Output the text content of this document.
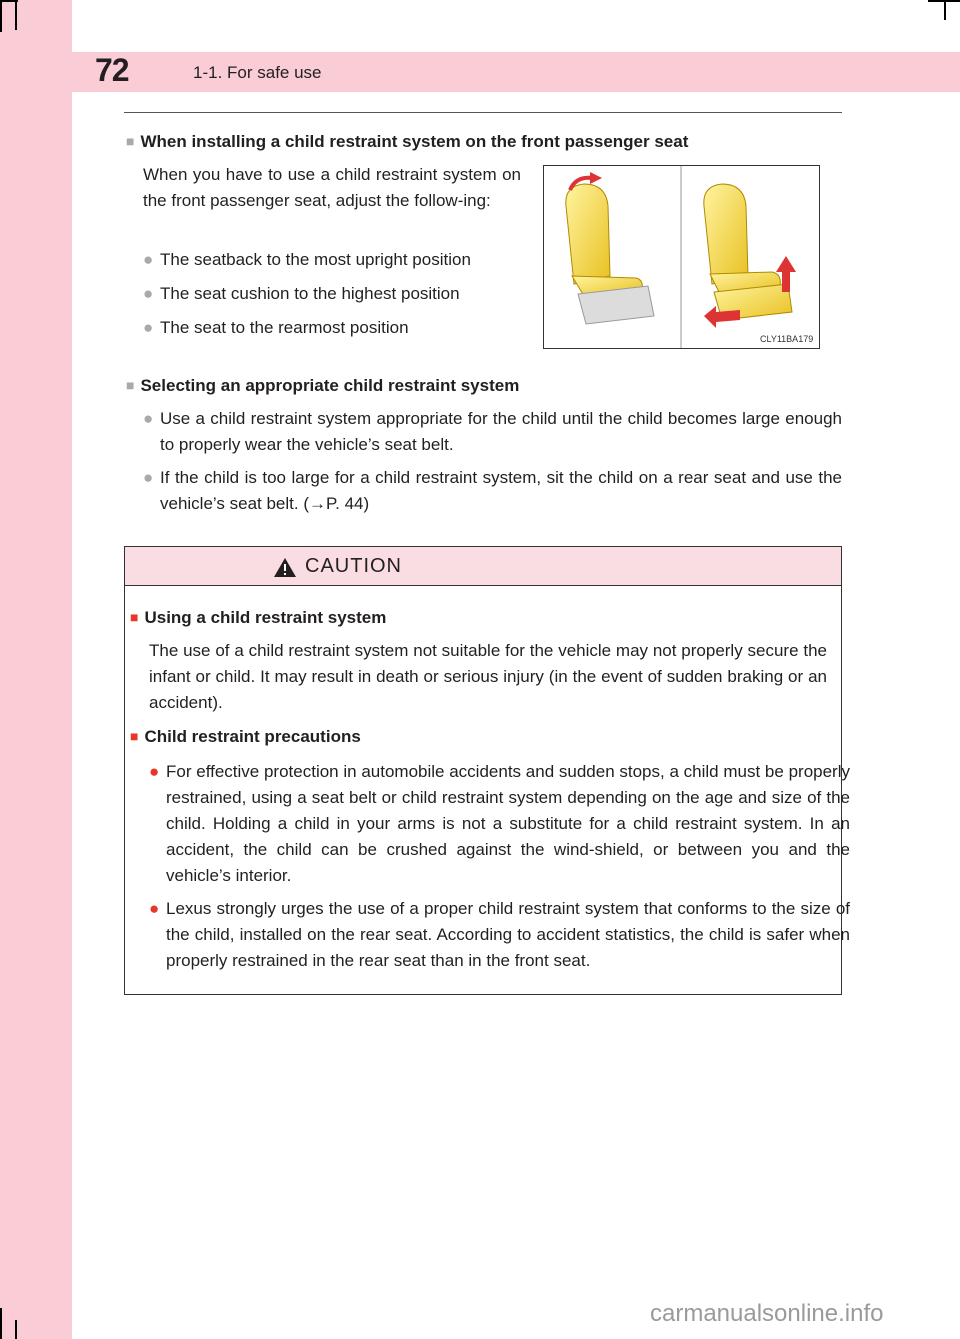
72	1-1. For safe use
■ When installing a child restraint system on the front passenger seat
When you have to use a child restraint system on the front passenger seat, adjust the follow-ing:
● The seatback to the most upright position
● The seat cushion to the highest position
● The seat to the rearmost position
CLY11BA179
■ Selecting an appropriate child restraint system
● Use a child restraint system appropriate for the child until the child becomes large enough to properly wear the vehicle’s seat belt.
● If the child is too large for a child restraint system, sit the child on a rear seat and use the vehicle’s seat belt. (→P. 44)
CAUTION
■ Using a child restraint system
The use of a child restraint system not suitable for the vehicle may not properly secure the infant or child. It may result in death or serious injury (in the event of sudden braking or an accident).
■ Child restraint precautions
● For effective protection in automobile accidents and sudden stops, a child must be properly restrained, using a seat belt or child restraint system depending on the age and size of the child. Holding a child in your arms is not a substitute for a child restraint system. In an accident, the child can be crushed against the wind-shield, or between you and the vehicle’s interior.
● Lexus strongly urges the use of a proper child restraint system that conforms to the size of the child, installed on the rear seat. According to accident statistics, the child is safer when properly restrained in the rear seat than in the front seat.
carmanualsonline.info
